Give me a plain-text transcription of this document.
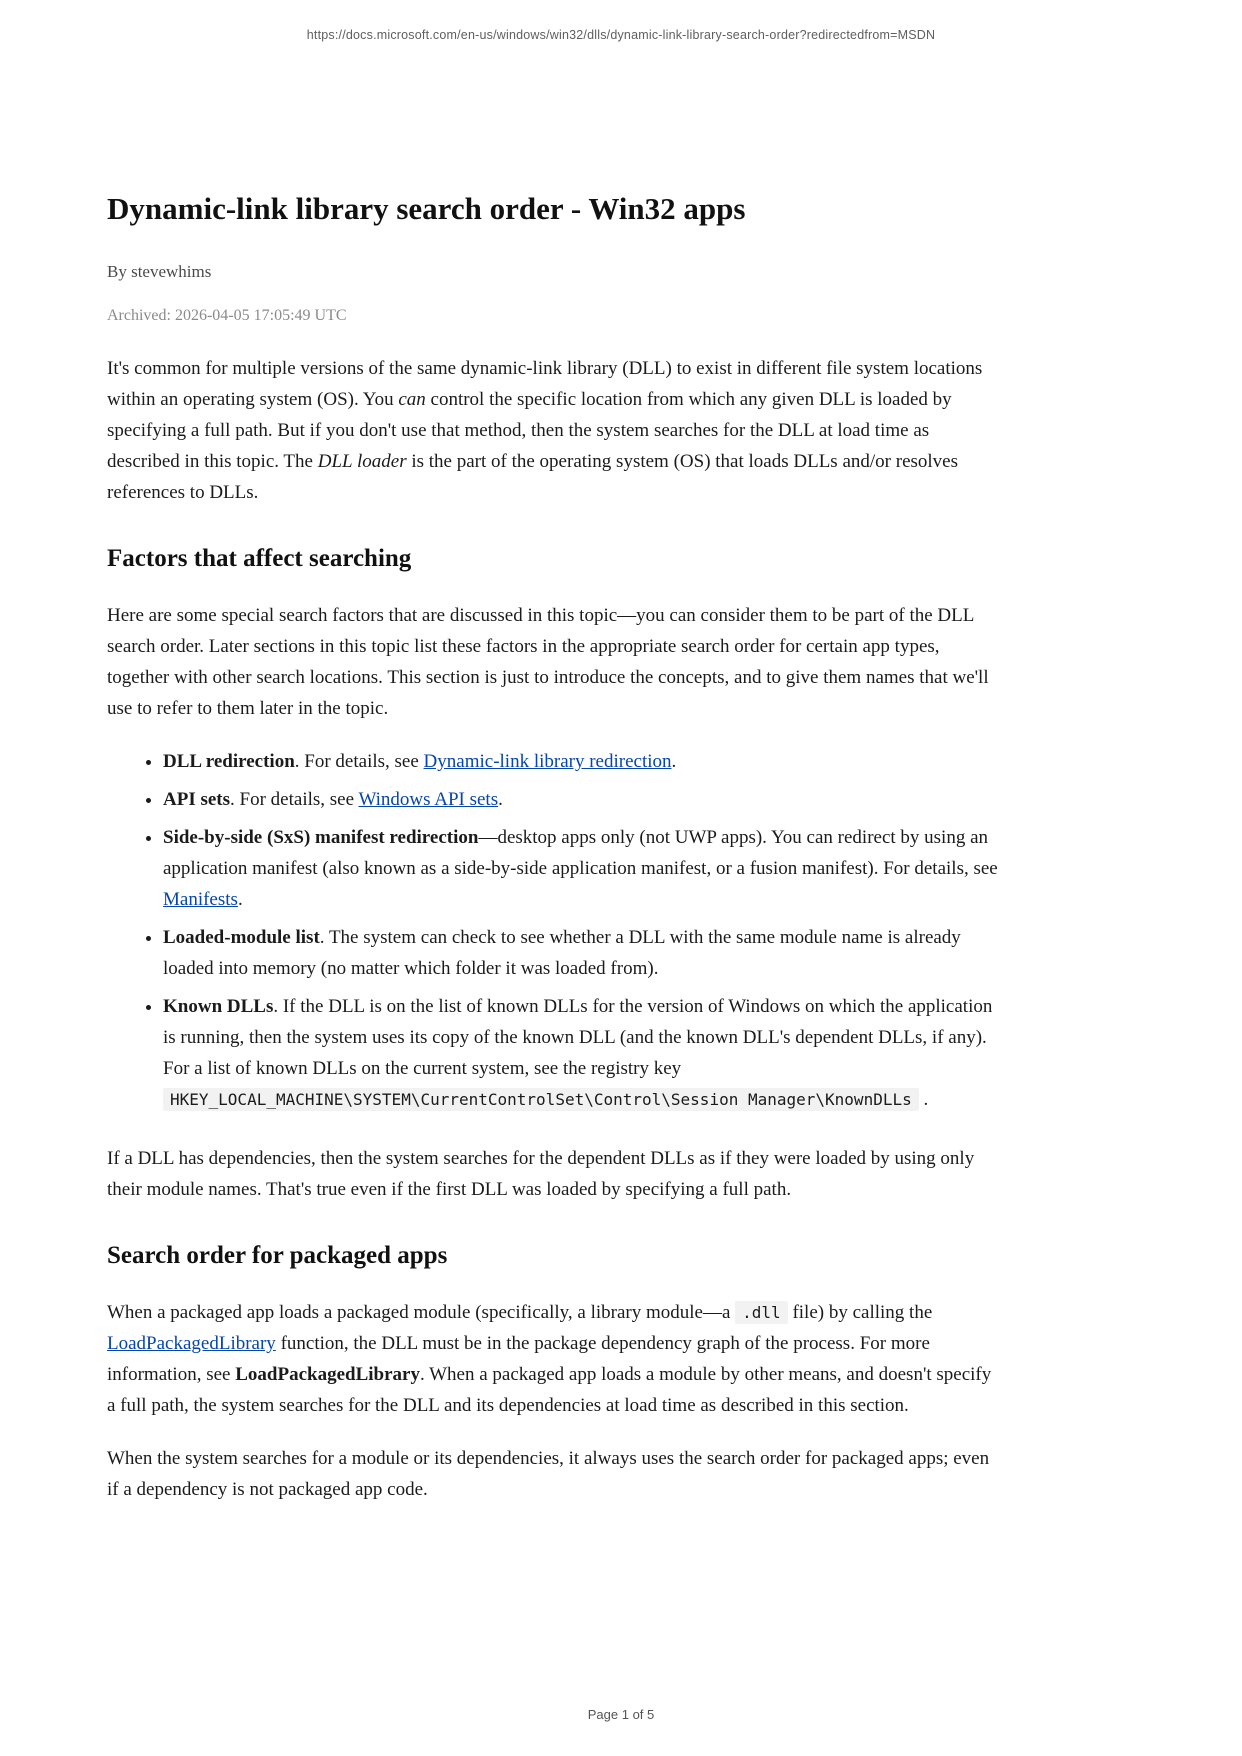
https://docs.microsoft.com/en-us/windows/win32/dlls/dynamic-link-library-search-order?redirectedfrom=MSDN
Dynamic-link library search order - Win32 apps

By stevewhims

Archived: 2026-04-05 17:05:49 UTC

It's common for multiple versions of the same dynamic-link library (DLL) to exist in different file system locations within an operating system (OS). You can control the specific location from which any given DLL is loaded by specifying a full path. But if you don't use that method, then the system searches for the DLL at load time as described in this topic. The DLL loader is the part of the operating system (OS) that loads DLLs and/or resolves references to DLLs.

Factors that affect searching

Here are some special search factors that are discussed in this topic—you can consider them to be part of the DLL search order. Later sections in this topic list these factors in the appropriate search order for certain app types, together with other search locations. This section is just to introduce the concepts, and to give them names that we'll use to refer to them later in the topic.

• DLL redirection. For details, see Dynamic-link library redirection.
• API sets. For details, see Windows API sets.
• Side-by-side (SxS) manifest redirection—desktop apps only (not UWP apps). You can redirect by using an application manifest (also known as a side-by-side application manifest, or a fusion manifest). For details, see Manifests.
• Loaded-module list. The system can check to see whether a DLL with the same module name is already loaded into memory (no matter which folder it was loaded from).
• Known DLLs. If the DLL is on the list of known DLLs for the version of Windows on which the application is running, then the system uses its copy of the known DLL (and the known DLL's dependent DLLs, if any). For a list of known DLLs on the current system, see the registry key HKEY_LOCAL_MACHINE\SYSTEM\CurrentControlSet\Control\Session Manager\KnownDLLs .

If a DLL has dependencies, then the system searches for the dependent DLLs as if they were loaded by using only their module names. That's true even if the first DLL was loaded by specifying a full path.

Search order for packaged apps

When a packaged app loads a packaged module (specifically, a library module—a .dll file) by calling the LoadPackagedLibrary function, the DLL must be in the package dependency graph of the process. For more information, see LoadPackagedLibrary. When a packaged app loads a module by other means, and doesn't specify a full path, the system searches for the DLL and its dependencies at load time as described in this section.

When the system searches for a module or its dependencies, it always uses the search order for packaged apps; even if a dependency is not packaged app code.

Page 1 of 5
